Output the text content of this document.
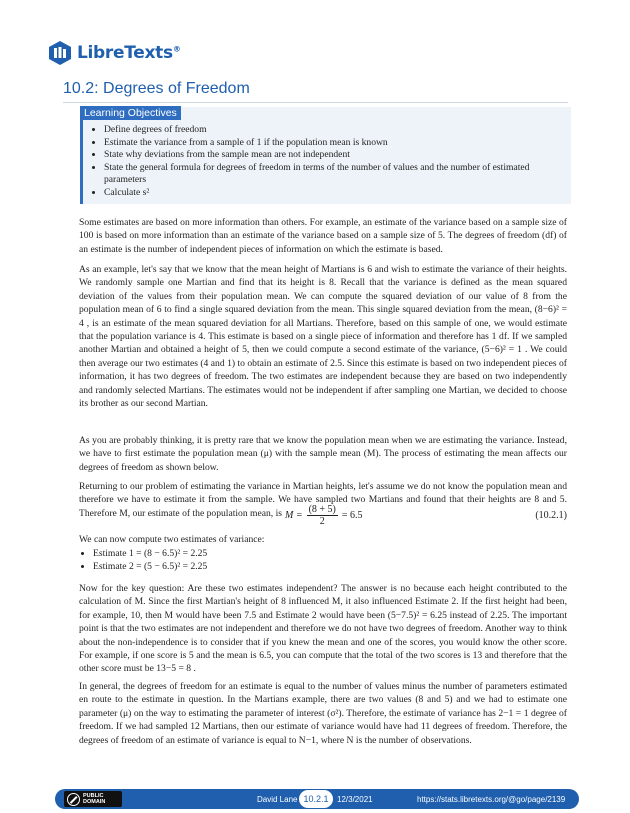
LibreTexts®
10.2: Degrees of Freedom
Learning Objectives
• Define degrees of freedom
• Estimate the variance from a sample of 1 if the population mean is known
• State why deviations from the sample mean are not independent
• State the general formula for degrees of freedom in terms of the number of values and the number of estimated parameters
• Calculate s²

Some estimates are based on more information than others. For example, an estimate of the variance based on a sample size of 100 is based on more information than an estimate of the variance based on a sample size of 5. The degrees of freedom (df) of an estimate is the number of independent pieces of information on which the estimate is based.

As an example, let's say that we know that the mean height of Martians is 6 and wish to estimate the variance of their heights. We randomly sample one Martian and find that its height is 8. Recall that the variance is defined as the mean squared deviation of the values from their population mean. We can compute the squared deviation of our value of 8 from the population mean of 6 to find a single squared deviation from the mean. This single squared deviation from the mean, (8−6)² = 4 , is an estimate of the mean squared deviation for all Martians. Therefore, based on this sample of one, we would estimate that the population variance is 4. This estimate is based on a single piece of information and therefore has 1 df. If we sampled another Martian and obtained a height of 5, then we could compute a second estimate of the variance, (5−6)² = 1 . We could then average our two estimates (4 and 1) to obtain an estimate of 2.5. Since this estimate is based on two independent pieces of information, it has two degrees of freedom. The two estimates are independent because they are based on two independently and randomly selected Martians. The estimates would not be independent if after sampling one Martian, we decided to choose its brother as our second Martian.

As you are probably thinking, it is pretty rare that we know the population mean when we are estimating the variance. Instead, we have to first estimate the population mean (μ) with the sample mean (M). The process of estimating the mean affects our degrees of freedom as shown below.

Returning to our problem of estimating the variance in Martian heights, let's assume we do not know the population mean and therefore we have to estimate it from the sample. We have sampled two Martians and found that their heights are 8 and 5. Therefore M, our estimate of the population mean, is $M = \frac{(8 + 5)}{2} = 6.5$	(10.2.1)

We can now compute two estimates of variance:

• Estimate 1 = (8 − 6.5)² = 2.25
• Estimate 2 = (5 − 6.5)² = 2.25

Now for the key question: Are these two estimates independent? The answer is no because each height contributed to the calculation of M. Since the first Martian's height of 8 influenced M, it also influenced Estimate 2. If the first height had been, for example, 10, then M would have been 7.5 and Estimate 2 would have been (5−7.5)² = 6.25 instead of 2.25. The important point is that the two estimates are not independent and therefore we do not have two degrees of freedom. Another way to think about the non-independence is to consider that if you knew the mean and one of the scores, you would know the other score. For example, if one score is 5 and the mean is 6.5, you can compute that the total of the two scores is 13 and therefore that the other score must be 13−5 = 8 .

In general, the degrees of freedom for an estimate is equal to the number of values minus the number of parameters estimated en route to the estimate in question. In the Martians example, there are two values (8 and 5) and we had to estimate one parameter (μ) on the way to estimating the parameter of interest (σ²). Therefore, the estimate of variance has 2−1 = 1 degree of freedom. If we had sampled 12 Martians, then our estimate of variance would have had 11 degrees of freedom. Therefore, the degrees of freedom of an estimate of variance is equal to N−1, where N is the number of observations.

PUBLIC
DOMAIN	David Lane 10.2.1	12/3/2021	https://stats.libretexts.org/@go/page/2139
